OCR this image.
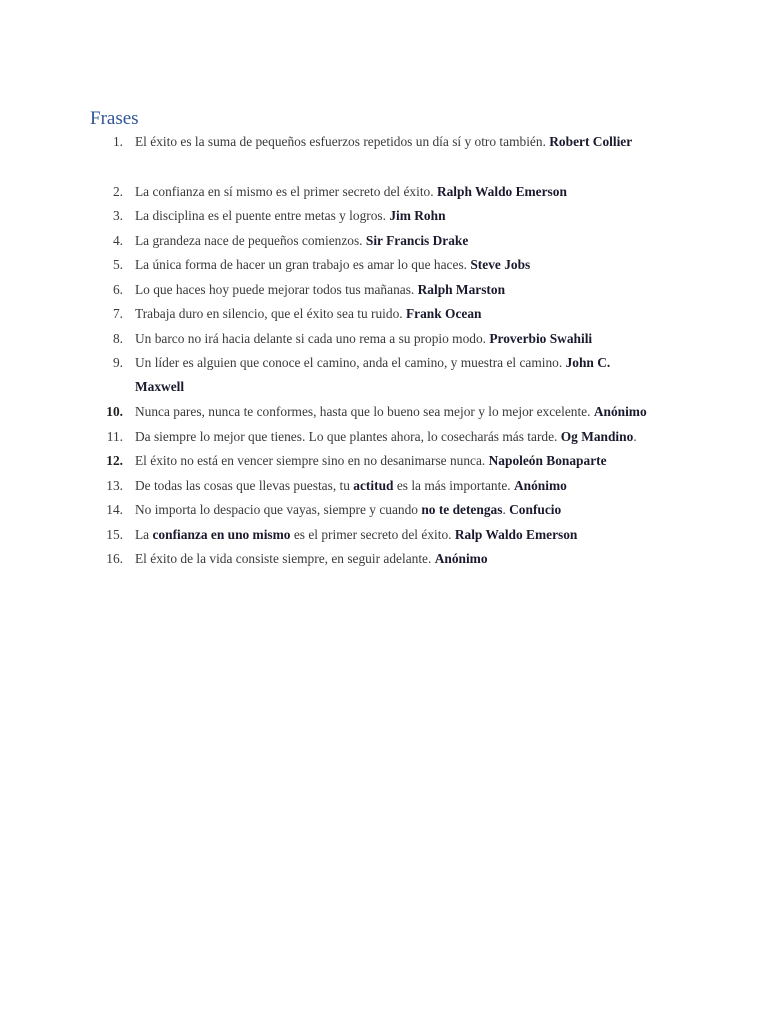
Frases
1. El éxito es la suma de pequeños esfuerzos repetidos un día sí y otro también. Robert Collier
2. La confianza en sí mismo es el primer secreto del éxito. Ralph Waldo Emerson
3. La disciplina es el puente entre metas y logros. Jim Rohn
4. La grandeza nace de pequeños comienzos. Sir Francis Drake
5. La única forma de hacer un gran trabajo es amar lo que haces. Steve Jobs
6. Lo que haces hoy puede mejorar todos tus mañanas. Ralph Marston
7. Trabaja duro en silencio, que el éxito sea tu ruido. Frank Ocean
8. Un barco no irá hacia delante si cada uno rema a su propio modo. Proverbio Swahili
9. Un líder es alguien que conoce el camino, anda el camino, y muestra el camino. John C.
Maxwell
10. Nunca pares, nunca te conformes, hasta que lo bueno sea mejor y lo mejor excelente. Anónimo
11. Da siempre lo mejor que tienes. Lo que plantes ahora, lo cosecharás más tarde. Og Mandino.
12. El éxito no está en vencer siempre sino en no desanimarse nunca. Napoleón Bonaparte
13. De todas las cosas que llevas puestas, tu actitud es la más importante. Anónimo
14. No importa lo despacio que vayas, siempre y cuando no te detengas. Confucio
15. La confianza en uno mismo es el primer secreto del éxito. Ralp Waldo Emerson
16. El éxito de la vida consiste siempre, en seguir adelante. Anónimo
